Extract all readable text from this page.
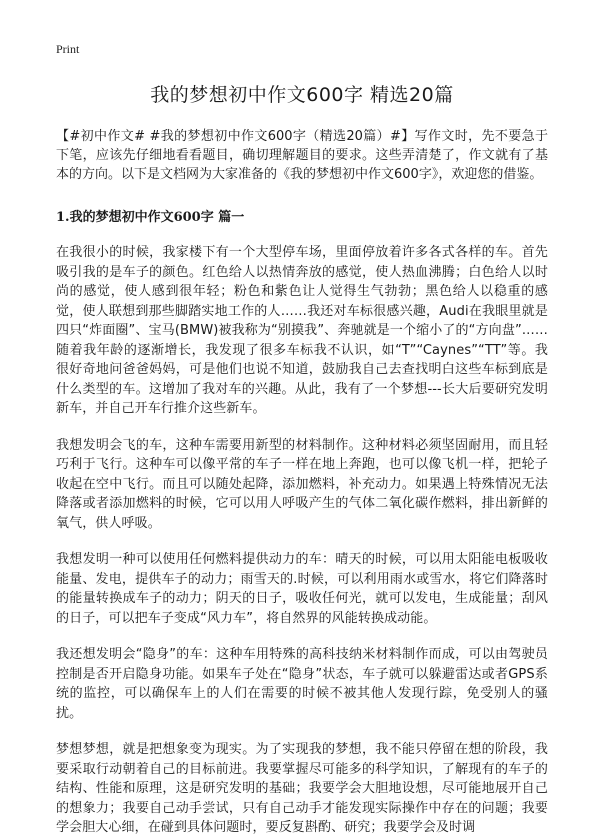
Print
我的梦想初中作文600字 精选20篇

【#初中作文# #我的梦想初中作文600字（精选20篇）#】写作文时，先不要急于下笔，应该先仔细地看看题目，确切理解题目的要求。这些弄清楚了，作文就有了基本的方向。以下是文档网为大家准备的《我的梦想初中作文600字》，欢迎您的借鉴。

1.我的梦想初中作文600字 篇一

在我很小的时候，我家楼下有一个大型停车场，里面停放着许多各式各样的车。首先吸引我的是车子的颜色。红色给人以热情奔放的感觉，使人热血沸腾；白色给人以时尚的感觉，使人感到很年轻；粉色和紫色让人觉得生气勃勃；黑色给人以稳重的感觉，使人联想到那些脚踏实地工作的人……我还对车标很感兴趣，Audi在我眼里就是四只“炸面圈”、宝马(BMW)被我称为“别摸我”、奔驰就是一个缩小了的“方向盘”……随着我年龄的逐渐增长，我发现了很多车标我不认识，如“T”“Caynes”“TT”等。我很好奇地问爸爸妈妈，可是他们也说不知道，鼓励我自己去查找明白这些车标到底是什么类型的车。这增加了我对车的兴趣。从此，我有了一个梦想---长大后要研究发明新车，并自己开车行推介这些新车。

我想发明会飞的车，这种车需要用新型的材料制作。这种材料必须坚固耐用，而且轻巧利于飞行。这种车可以像平常的车子一样在地上奔跑，也可以像飞机一样，把轮子收起在空中飞行。而且可以随处起降，添加燃料，补充动力。如果遇上特殊情况无法降落或者添加燃料的时候，它可以用人呼吸产生的气体二氧化碳作燃料，排出新鲜的氧气，供人呼吸。

我想发明一种可以使用任何燃料提供动力的车：晴天的时候，可以用太阳能电板吸收能量、发电，提供车子的动力；雨雪天的.时候，可以利用雨水或雪水，将它们降落时的能量转换成车子的动力；阴天的日子，吸收任何光，就可以发电，生成能量；刮风的日子，可以把车子变成“风力车”，将自然界的风能转换成动能。

我还想发明会“隐身”的车：这种车用特殊的高科技纳米材料制作而成，可以由驾驶员控制是否开启隐身功能。如果车子处在“隐身”状态，车子就可以躲避雷达或者GPS系统的监控，可以确保车上的人们在需要的时候不被其他人发现行踪，免受别人的骚扰。

梦想梦想，就是把想象变为现实。为了实现我的梦想，我不能只停留在想的阶段，我要采取行动朝着自己的目标前进。我要掌握尽可能多的科学知识，了解现有的车子的结构、性能和原理，这是研究发明的基础；我要学会大胆地设想，尽可能地展开自己的想象力；我要自己动手尝试，只有自己动手才能发现实际操作中存在的问题；我要学会胆大心细，在碰到具体问题时，要反复斟酌、研究；我要学会及时调
